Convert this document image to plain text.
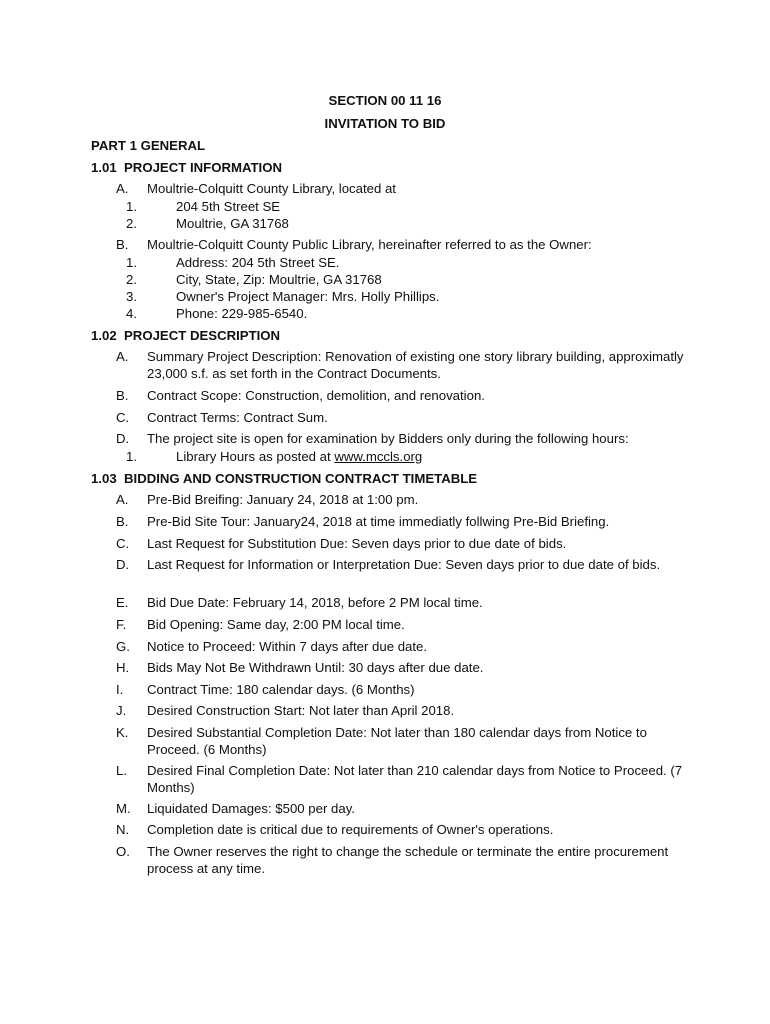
SECTION 00 11 16
INVITATION TO BID
PART 1 GENERAL
1.01 PROJECT INFORMATION
A.	Moultrie-Colquitt County Library, located at
1.	204 5th Street SE
2.	Moultrie, GA 31768
B.	Moultrie-Colquitt County Public Library, hereinafter referred to as the Owner:
1.	Address: 204 5th Street SE.
2.	City, State, Zip: Moultrie, GA 31768
3.	Owner's Project Manager: Mrs. Holly Phillips.
4.	Phone: 229-985-6540.
1.02 PROJECT DESCRIPTION
A.	Summary Project Description: Renovation of existing one story library building, approximatly 23,000 s.f. as set forth in the Contract Documents.
B.	Contract Scope: Construction, demolition, and renovation.
C.	Contract Terms: Contract Sum.
D.	The project site is open for examination by Bidders only during the following hours:
1.	Library Hours as posted at www.mccls.org
1.03 BIDDING AND CONSTRUCTION CONTRACT TIMETABLE
A.	Pre-Bid Breifing: January 24, 2018 at 1:00 pm.
B.	Pre-Bid Site Tour: January24, 2018 at time immediatly follwing Pre-Bid Briefing.
C.	Last Request for Substitution Due: Seven days prior to due date of bids.
D.	Last Request for Information or Interpretation Due: Seven days prior to due date of bids.
E.	Bid Due Date: February 14, 2018, before 2 PM local time.
F.	Bid Opening: Same day, 2:00 PM local time.
G.	Notice to Proceed: Within 7 days after due date.
H.	Bids May Not Be Withdrawn Until: 30 days after due date.
I.	Contract Time: 180 calendar days. (6 Months)
J.	Desired Construction Start: Not later than April 2018.
K.	Desired Substantial Completion Date: Not later than 180 calendar days from Notice to Proceed. (6 Months)
L.	Desired Final Completion Date: Not later than 210 calendar days from Notice to Proceed. (7 Months)
M.	Liquidated Damages: $500 per day.
N.	Completion date is critical due to requirements of Owner's operations.
O.	The Owner reserves the right to change the schedule or terminate the entire procurement process at any time.
